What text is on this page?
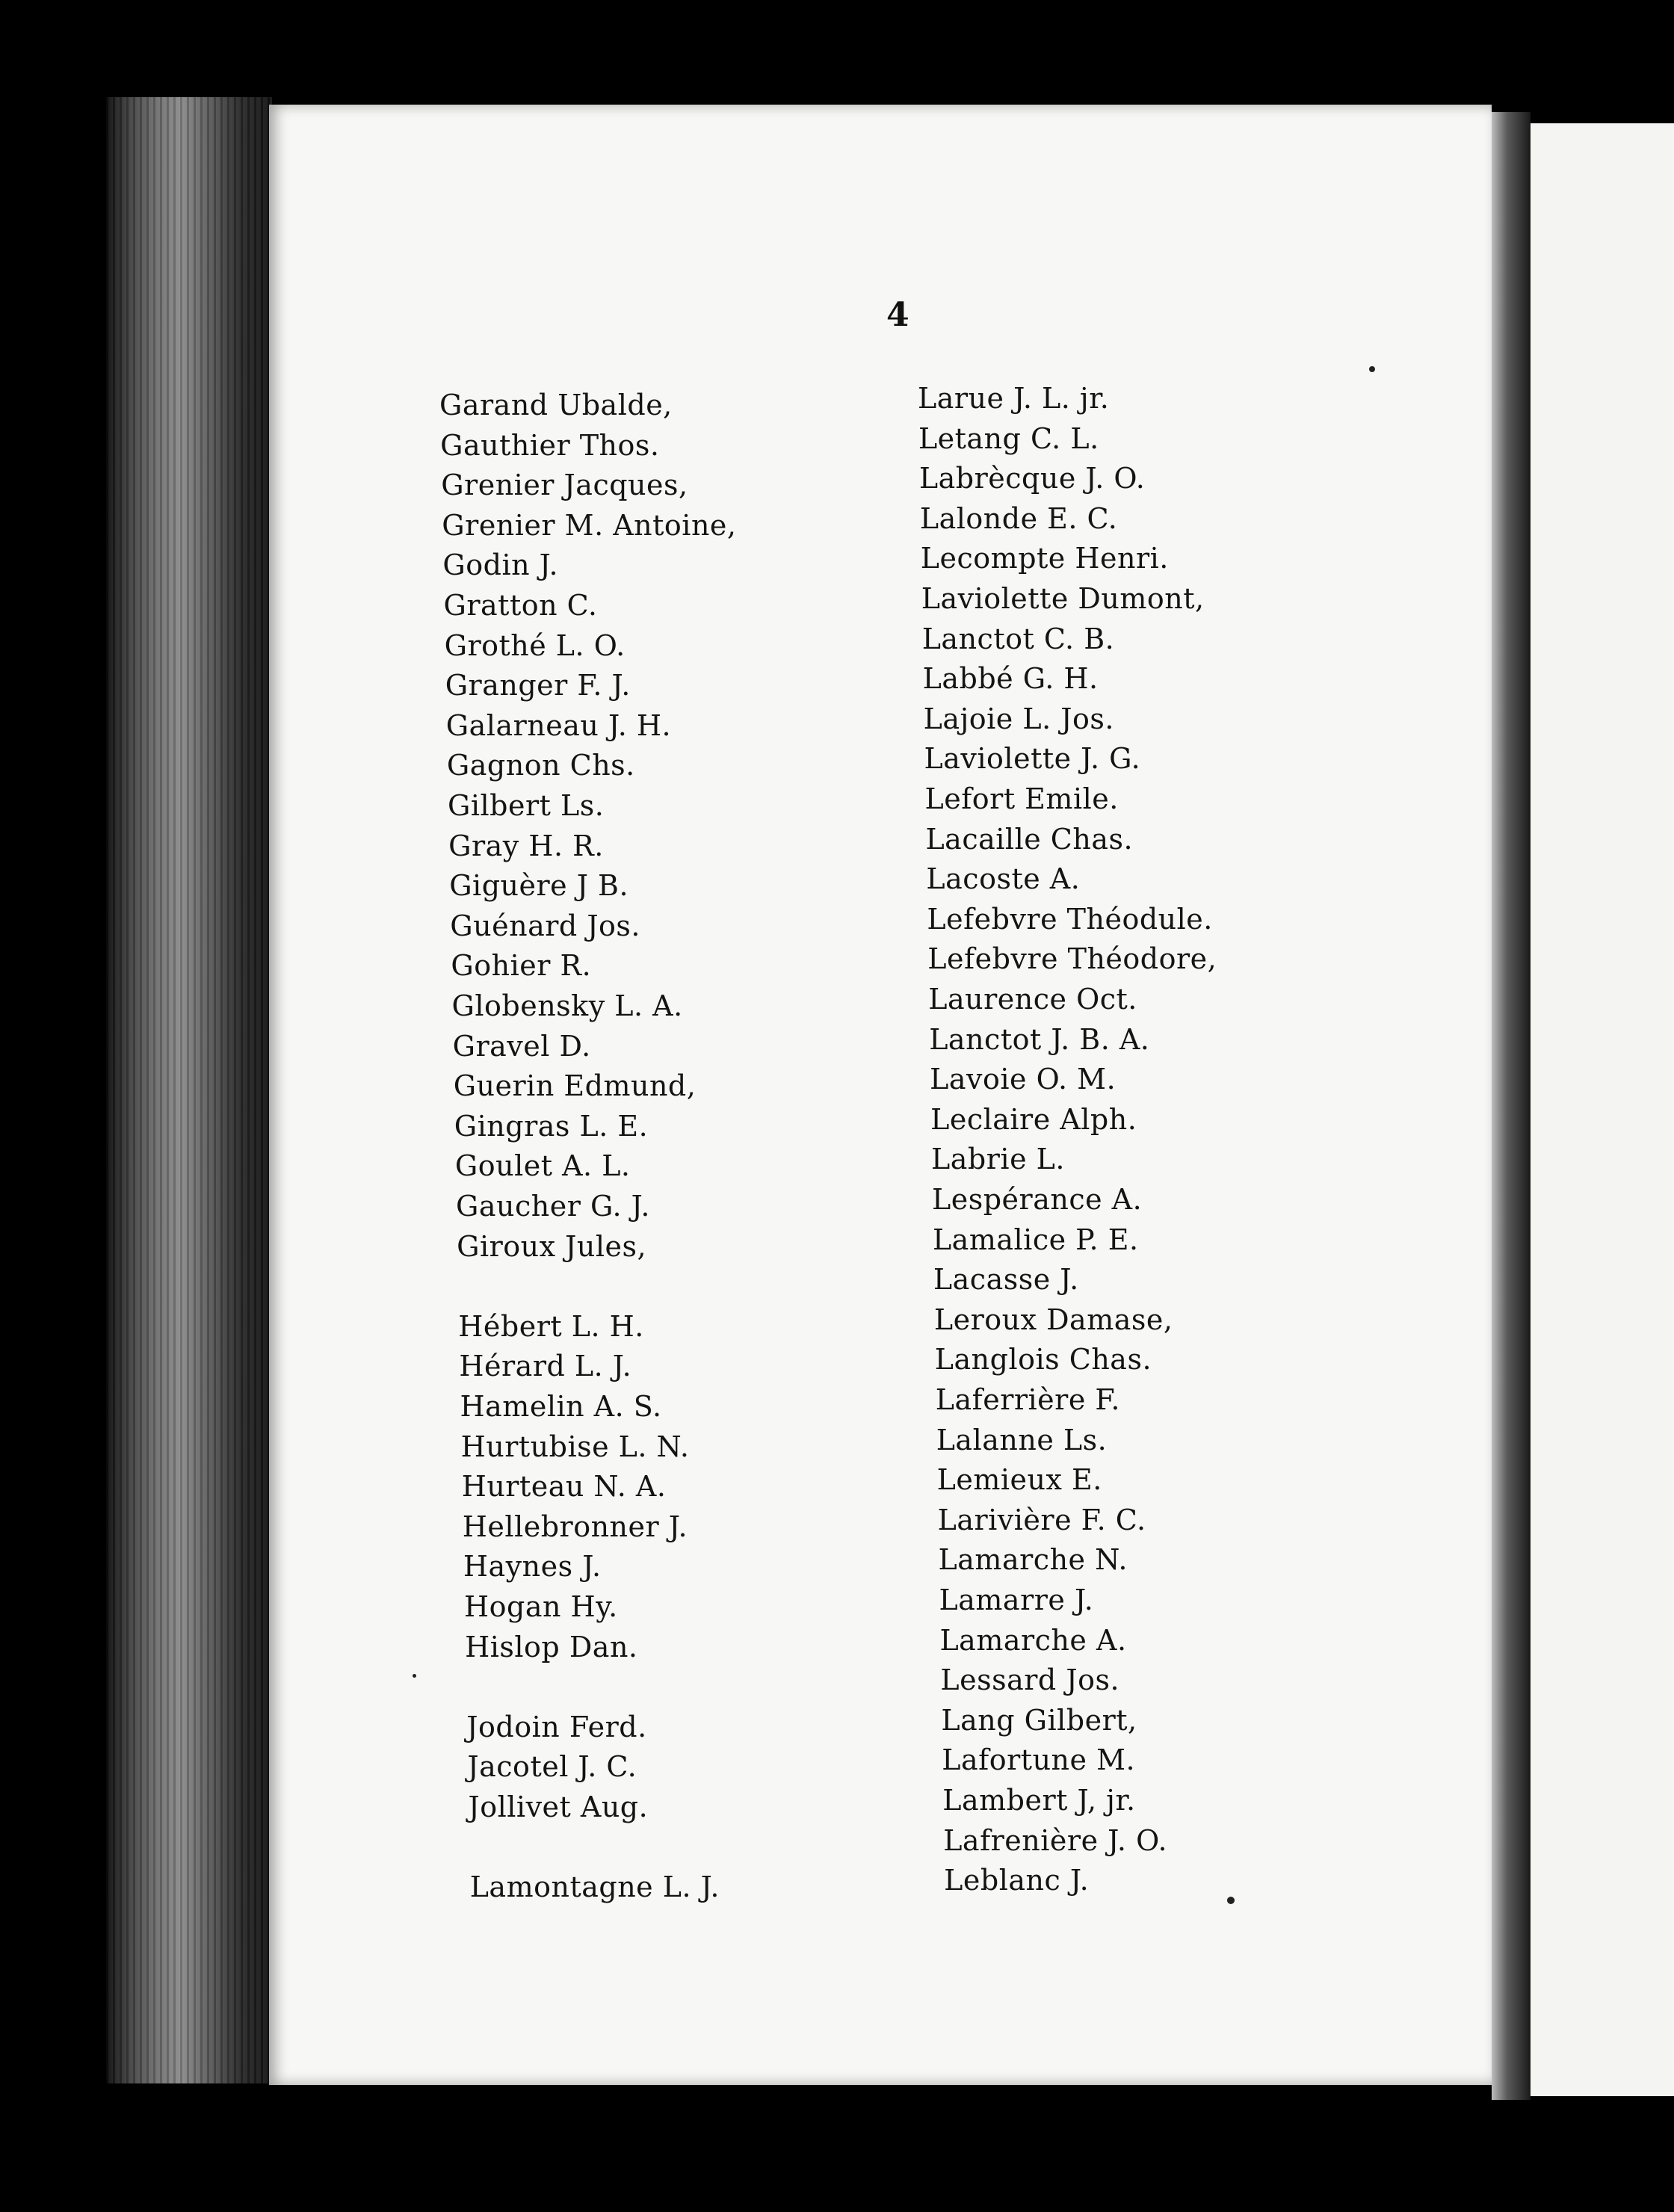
4

Garand Ubalde,
Gauthier Thos.
Grenier Jacques,
Grenier M. Antoine,
Godin J.
Gratton C.
Grothé L. O.
Granger F. J.
Galarneau J. H.
Gagnon Chs.
Gilbert Ls.
Gray H. R.
Giguère J B.
Guénard Jos.
Gohier R.
Globensky L. A.
Gravel D.
Guerin Edmund,
Gingras L. E.
Goulet A. L.
Gaucher G. J.
Giroux Jules,
Hébert L. H.
Hérard L. J.
Hamelin A. S.
Hurtubise L. N.
Hurteau N. A.
Hellebronner J.
Haynes J.
Hogan Hy.
Hislop Dan.
Jodoin Ferd.
Jacotel J. C.
Jollivet Aug.
Lamontagne L. J.
Larue J. L. jr.
Letang C. L.
Labrècque J. O.
Lalonde E. C.
Lecompte Henri.
Laviolette Dumont,
Lanctot C. B.
Labbé G. H.
Lajoie L. Jos.
Laviolette J. G.
Lefort Emile.
Lacaille Chas.
Lacoste A.
Lefebvre Théodule.
Lefebvre Théodore,
Laurence Oct.
Lanctot J. B. A.
Lavoie O. M.
Leclaire Alph.
Labrie L.
Lespérance A.
Lamalice P. E.
Lacasse J.
Leroux Damase,
Langlois Chas.
Laferrière F.
Lalanne Ls.
Lemieux E.
Larivière F. C.
Lamarche N.
Lamarre J.
Lamarche A.
Lessard Jos.
Lang Gilbert,
Lafortune M.
Lambert J, jr.
Lafrenière J. O.
Leblanc J.
